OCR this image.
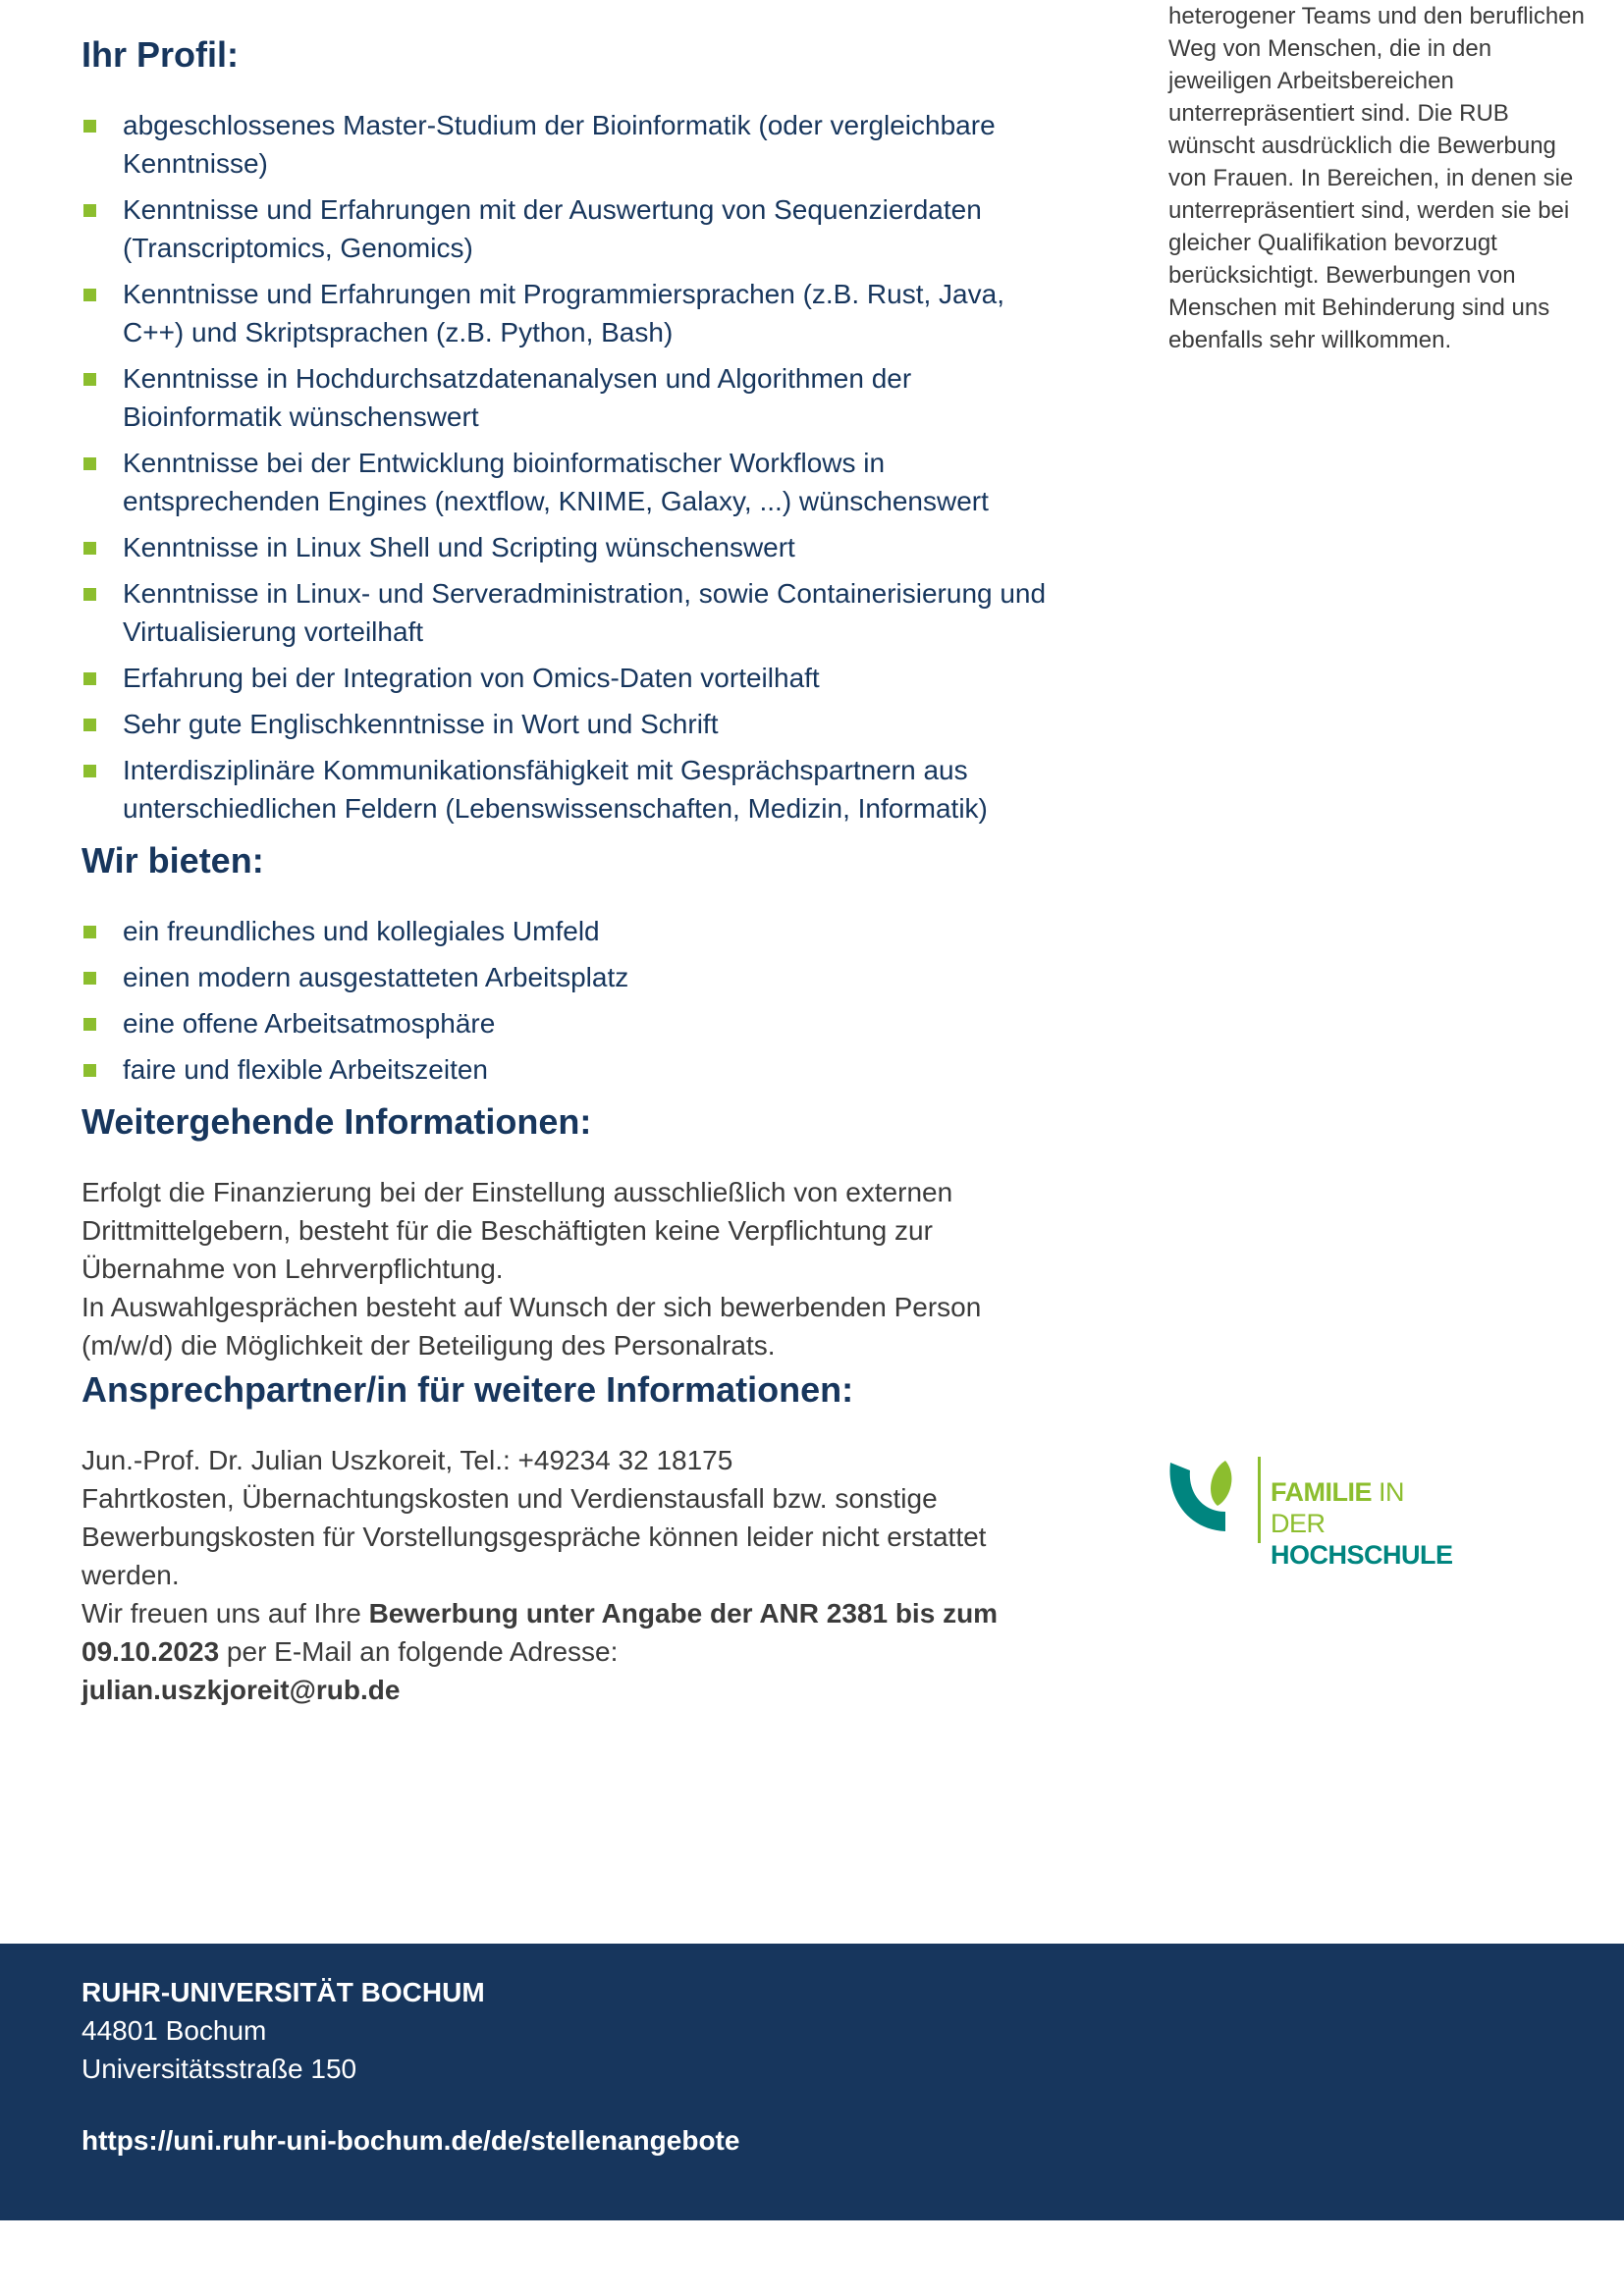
heterogener Teams und den beruflichen Weg von Menschen, die in den jeweiligen Arbeitsbereichen unterrepräsentiert sind. Die RUB wünscht ausdrücklich die Bewerbung von Frauen. In Bereichen, in denen sie unterrepräsentiert sind, werden sie bei gleicher Qualifikation bevorzugt berücksichtigt. Bewerbungen von Menschen mit Behinderung sind uns ebenfalls sehr willkommen.
Ihr Profil:
abgeschlossenes Master-Studium der Bioinformatik (oder vergleichbare Kenntnisse)
Kenntnisse und Erfahrungen mit der Auswertung von Sequenzierdaten (Transcriptomics, Genomics)
Kenntnisse und Erfahrungen mit Programmiersprachen (z.B. Rust, Java, C++) und Skriptsprachen (z.B. Python, Bash)
Kenntnisse in Hochdurchsatzdatenanalysen und Algorithmen der Bioinformatik wünschenswert
Kenntnisse bei der Entwicklung bioinformatischer Workflows in entsprechenden Engines (nextflow, KNIME, Galaxy, ...) wünschenswert
Kenntnisse in Linux Shell und Scripting wünschenswert
Kenntnisse in Linux- und Serveradministration, sowie Containerisierung und Virtualisierung vorteilhaft
Erfahrung bei der Integration von Omics-Daten vorteilhaft
Sehr gute Englischkenntnisse in Wort und Schrift
Interdisziplinäre Kommunikationsfähigkeit mit Gesprächspartnern aus unterschiedlichen Feldern (Lebenswissenschaften, Medizin, Informatik)
Wir bieten:
ein freundliches und kollegiales Umfeld
einen modern ausgestatteten Arbeitsplatz
eine offene Arbeitsatmosphäre
faire und flexible Arbeitszeiten
Weitergehende Informationen:

Erfolgt die Finanzierung bei der Einstellung ausschließlich von externen Drittmittelgebern, besteht für die Beschäftigten keine Verpflichtung zur Übernahme von Lehrverpflichtung.

In Auswahlgesprächen besteht auf Wunsch der sich bewerbenden Person (m/w/d) die Möglichkeit der Beteiligung des Personalrats.

Ansprechpartner/in für weitere Informationen:

Jun.-Prof. Dr. Julian Uszkoreit, Tel.: +49234 32 18175

Fahrtkosten, Übernachtungskosten und Verdienstausfall bzw. sonstige Bewerbungskosten für Vorstellungsgespräche können leider nicht erstattet werden.

Wir freuen uns auf Ihre Bewerbung unter Angabe der ANR 2381 bis zum 09.10.2023 per E-Mail an folgende Adresse:
julian.uszkjoreit@rub.de

FAMILIE IN DER
HOCHSCHULE
RUHR-UNIVERSITÄT BOCHUM
44801 Bochum
Universitätsstraße 150
https://uni.ruhr-uni-bochum.de/de/stellenangebote
